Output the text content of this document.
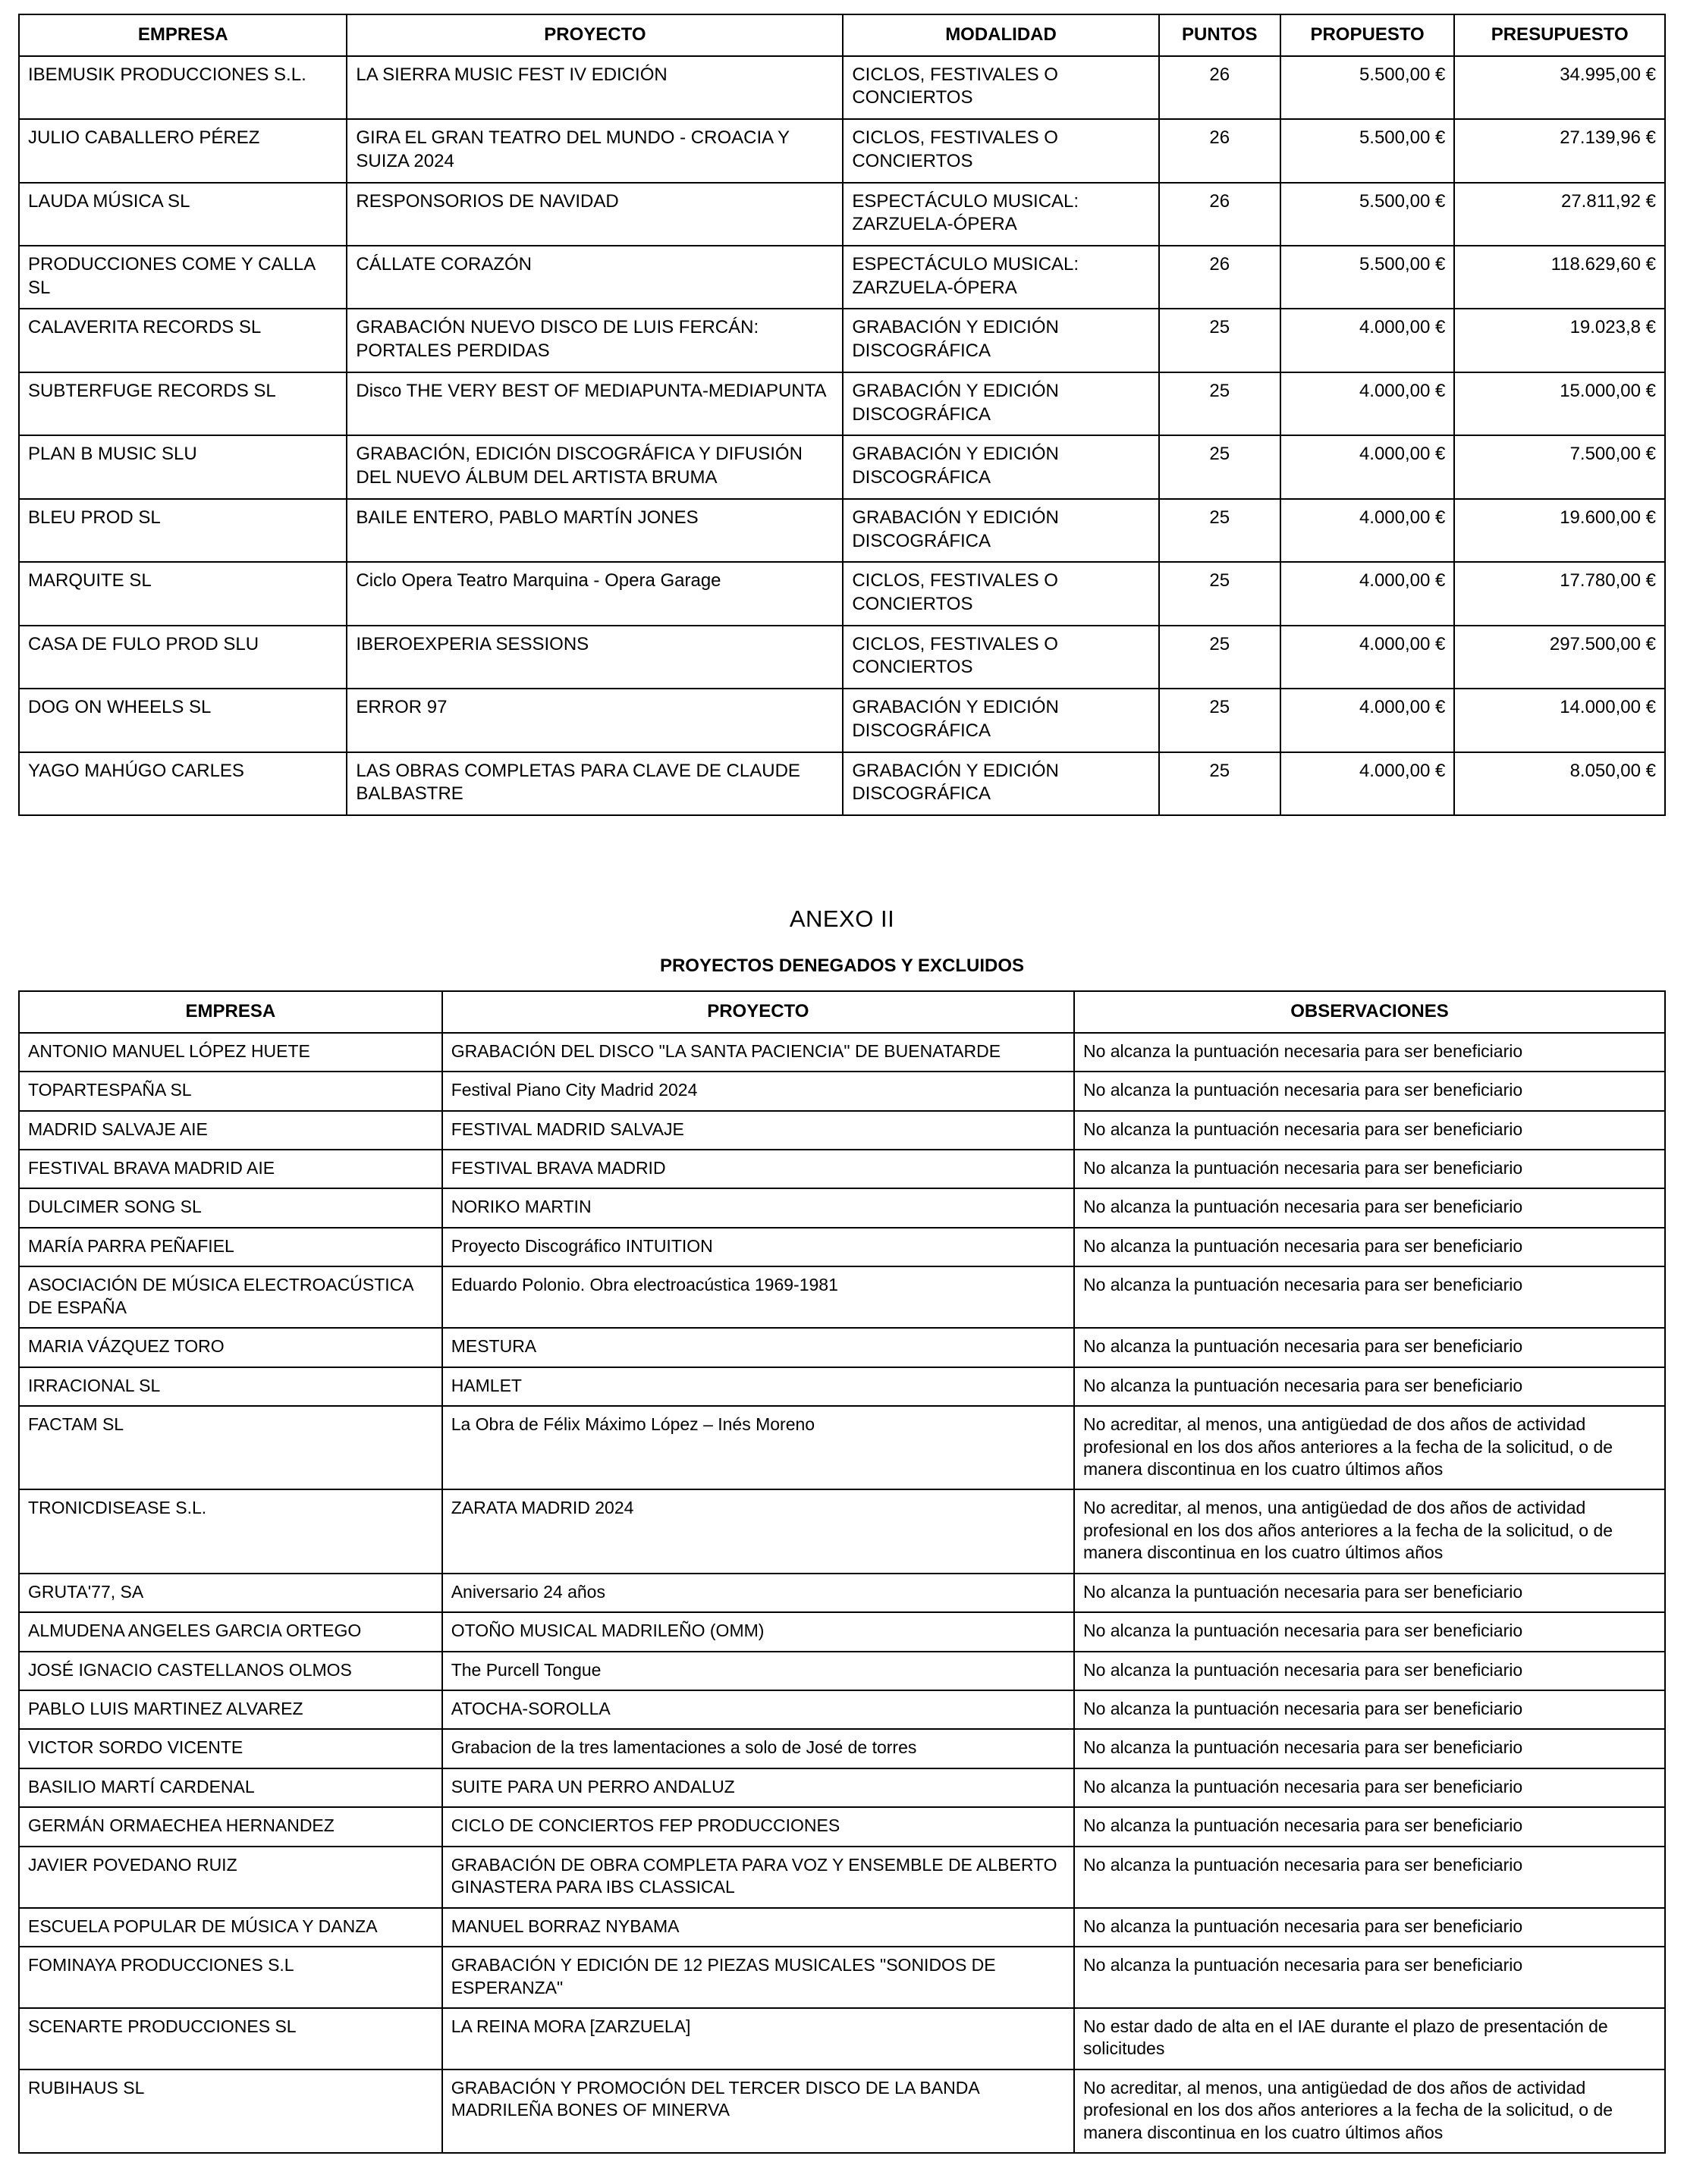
EMPRESA	PROYECTO	MODALIDAD	PUNTOS	PROPUESTO	PRESUPUESTO
IBEMUSIK PRODUCCIONES S.L.	LA SIERRA MUSIC FEST IV EDICIÓN	CICLOS, FESTIVALES O CONCIERTOS	26	5.500,00 €	34.995,00 €
JULIO CABALLERO PÉREZ	GIRA EL GRAN TEATRO DEL MUNDO - CROACIA Y SUIZA 2024	CICLOS, FESTIVALES O CONCIERTOS	26	5.500,00 €	27.139,96 €
LAUDA MÚSICA SL	RESPONSORIOS DE NAVIDAD	ESPECTÁCULO MUSICAL: ZARZUELA-ÓPERA	26	5.500,00 €	27.811,92 €
PRODUCCIONES COME Y CALLA SL	CÁLLATE CORAZÓN	ESPECTÁCULO MUSICAL: ZARZUELA-ÓPERA	26	5.500,00 €	118.629,60 €
CALAVERITA RECORDS SL	GRABACIÓN NUEVO DISCO DE LUIS FERCÁN: PORTALES PERDIDAS	GRABACIÓN Y EDICIÓN DISCOGRÁFICA	25	4.000,00 €	19.023,8 €
SUBTERFUGE RECORDS SL	Disco THE VERY BEST OF MEDIAPUNTA-MEDIAPUNTA	GRABACIÓN Y EDICIÓN DISCOGRÁFICA	25	4.000,00 €	15.000,00 €
PLAN B MUSIC SLU	GRABACIÓN, EDICIÓN DISCOGRÁFICA Y DIFUSIÓN DEL NUEVO ÁLBUM DEL ARTISTA BRUMA	GRABACIÓN Y EDICIÓN DISCOGRÁFICA	25	4.000,00 €	7.500,00 €
BLEU PROD SL	BAILE ENTERO, PABLO MARTÍN JONES	GRABACIÓN Y EDICIÓN DISCOGRÁFICA	25	4.000,00 €	19.600,00 €
MARQUITE SL	Ciclo Opera Teatro Marquina - Opera Garage	CICLOS, FESTIVALES O CONCIERTOS	25	4.000,00 €	17.780,00 €
CASA DE FULO PROD SLU	IBEROEXPERIA SESSIONS	CICLOS, FESTIVALES O CONCIERTOS	25	4.000,00 €	297.500,00 €
DOG ON WHEELS SL	ERROR 97	GRABACIÓN Y EDICIÓN DISCOGRÁFICA	25	4.000,00 €	14.000,00 €
YAGO MAHÚGO CARLES	LAS OBRAS COMPLETAS PARA CLAVE DE CLAUDE BALBASTRE	GRABACIÓN Y EDICIÓN DISCOGRÁFICA	25	4.000,00 €	8.050,00 €
ANEXO II
PROYECTOS DENEGADOS Y EXCLUIDOS
EMPRESA	PROYECTO	OBSERVACIONES
ANTONIO MANUEL LÓPEZ HUETE	GRABACIÓN DEL DISCO "LA SANTA PACIENCIA" DE BUENATARDE	No alcanza la puntuación necesaria para ser beneficiario
TOPARTESPAÑA SL	Festival Piano City Madrid 2024	No alcanza la puntuación necesaria para ser beneficiario
MADRID SALVAJE AIE	FESTIVAL MADRID SALVAJE	No alcanza la puntuación necesaria para ser beneficiario
FESTIVAL BRAVA MADRID AIE	FESTIVAL BRAVA MADRID	No alcanza la puntuación necesaria para ser beneficiario
DULCIMER SONG SL	NORIKO MARTIN	No alcanza la puntuación necesaria para ser beneficiario
MARÍA PARRA PEÑAFIEL	Proyecto Discográfico INTUITION	No alcanza la puntuación necesaria para ser beneficiario
ASOCIACIÓN DE MÚSICA ELECTROACÚSTICA DE ESPAÑA	Eduardo Polonio. Obra electroacústica 1969-1981	No alcanza la puntuación necesaria para ser beneficiario
MARIA VÁZQUEZ TORO	MESTURA	No alcanza la puntuación necesaria para ser beneficiario
IRRACIONAL SL	HAMLET	No alcanza la puntuación necesaria para ser beneficiario
FACTAM SL	La Obra de Félix Máximo López – Inés Moreno	No acreditar, al menos, una antigüedad de dos años de actividad profesional en los dos años anteriores a la fecha de la solicitud, o de manera discontinua en los cuatro últimos años
TRONICDISEASE S.L.	ZARATA MADRID 2024	No acreditar, al menos, una antigüedad de dos años de actividad profesional en los dos años anteriores a la fecha de la solicitud, o de manera discontinua en los cuatro últimos años
GRUTA'77, SA	Aniversario 24 años	No alcanza la puntuación necesaria para ser beneficiario
ALMUDENA ANGELES GARCIA ORTEGO	OTOÑO MUSICAL MADRILEÑO (OMM)	No alcanza la puntuación necesaria para ser beneficiario
JOSÉ IGNACIO CASTELLANOS OLMOS	The Purcell Tongue	No alcanza la puntuación necesaria para ser beneficiario
PABLO LUIS MARTINEZ ALVAREZ	ATOCHA-SOROLLA	No alcanza la puntuación necesaria para ser beneficiario
VICTOR SORDO VICENTE	Grabacion de la tres lamentaciones a solo de José de torres	No alcanza la puntuación necesaria para ser beneficiario
BASILIO MARTÍ CARDENAL	SUITE PARA UN PERRO ANDALUZ	No alcanza la puntuación necesaria para ser beneficiario
GERMÁN ORMAECHEA HERNANDEZ	CICLO DE CONCIERTOS FEP PRODUCCIONES	No alcanza la puntuación necesaria para ser beneficiario
JAVIER POVEDANO RUIZ	GRABACIÓN DE OBRA COMPLETA PARA VOZ Y ENSEMBLE DE ALBERTO GINASTERA PARA IBS CLASSICAL	No alcanza la puntuación necesaria para ser beneficiario
ESCUELA POPULAR DE MÚSICA Y DANZA	MANUEL BORRAZ NYBAMA	No alcanza la puntuación necesaria para ser beneficiario
FOMINAYA PRODUCCIONES S.L	GRABACIÓN Y EDICIÓN DE 12 PIEZAS MUSICALES "SONIDOS DE ESPERANZA"	No alcanza la puntuación necesaria para ser beneficiario
SCENARTE PRODUCCIONES SL	LA REINA MORA [ZARZUELA]	No estar dado de alta en el IAE durante el plazo de presentación de solicitudes
RUBIHAUS SL	GRABACIÓN Y PROMOCIÓN DEL TERCER DISCO DE LA BANDA MADRILEÑA BONES OF MINERVA	No acreditar, al menos, una antigüedad de dos años de actividad profesional en los dos años anteriores a la fecha de la solicitud, o de manera discontinua en los cuatro últimos años
